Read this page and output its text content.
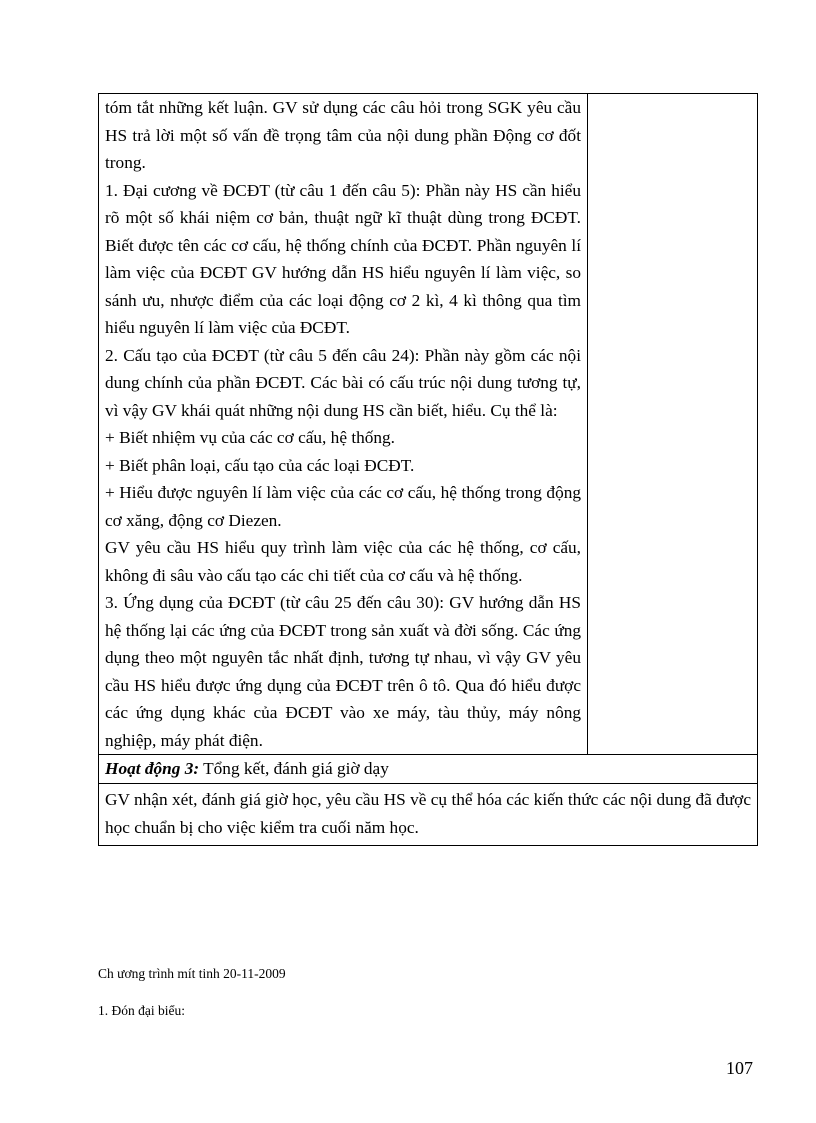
tóm tắt những kết luận. GV sử dụng các câu hỏi trong SGK yêu cầu HS trả lời một số vấn đề trọng tâm của nội dung phần Động cơ đốt trong.
1. Đại cương về ĐCĐT (từ câu 1 đến câu 5): Phần này HS cần hiểu rõ một số khái niệm cơ bản, thuật ngữ kĩ thuật dùng trong ĐCĐT. Biết được tên các cơ cấu, hệ thống chính của ĐCĐT. Phần nguyên lí làm việc của ĐCĐT GV hướng dẫn HS hiểu nguyên lí làm việc, so sánh ưu, nhược điểm của các loại động cơ 2 kì, 4 kì thông qua tìm hiểu nguyên lí làm việc của ĐCĐT.
2. Cấu tạo của ĐCĐT (từ câu 5 đến câu 24): Phần này gồm các nội dung chính của phần ĐCĐT. Các bài có cấu trúc nội dung tương tự, vì vậy GV khái quát những nội dung HS cần biết, hiểu. Cụ thể là:
+ Biết nhiệm vụ của các cơ cấu, hệ thống.
+ Biết phân loại, cấu tạo của các loại ĐCĐT.
+ Hiểu được nguyên lí làm việc của các cơ cấu, hệ thống trong động cơ xăng, động cơ Diezen.
GV yêu cầu HS hiểu quy trình làm việc của các hệ thống, cơ cấu, không đi sâu vào cấu tạo các chi tiết của cơ cấu và hệ thống.
3. Ứng dụng của ĐCĐT (từ câu 25 đến câu 30): GV hướng dẫn HS hệ thống lại các ứng của ĐCĐT trong sản xuất và đời sống. Các ứng dụng theo một nguyên tắc nhất định, tương tự nhau, vì vậy GV yêu cầu HS hiểu được ứng dụng của ĐCĐT trên ô tô. Qua đó hiểu được các ứng dụng khác của ĐCĐT vào xe máy, tàu thủy, máy nông nghiệp, máy phát điện.

Hoạt động 3: Tổng kết, đánh giá giờ dạy
GV nhận xét, đánh giá giờ học, yêu cầu HS về cụ thể hóa các kiến thức các nội dung đã được học chuẩn bị cho việc kiểm tra cuối năm học.
Ch ương trình mít tinh 20-11-2009
1. Đón đại biểu:
107
